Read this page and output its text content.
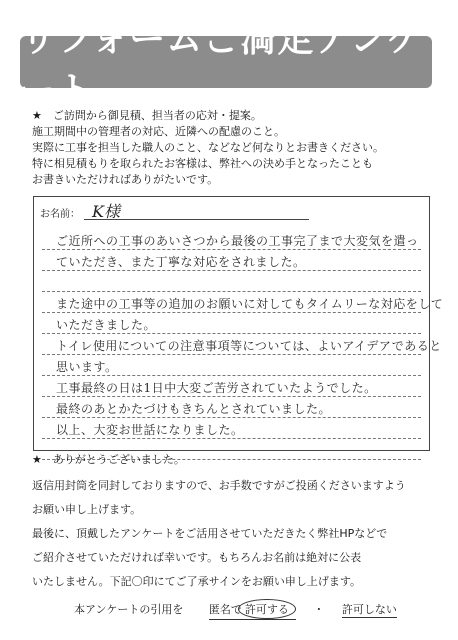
リフォームご満足アンケート
★　ご訪問から御見積、担当者の応対・提案。
施工期間中の管理者の対応、近隣への配慮のこと。
実際に工事を担当した職人のこと、などなど何なりとお書きください。
特に相見積もりを取られたお客様は、弊社への決め手となったことも
お書きいただければありがたいです。
お名前： K様
ご近所への工事のあいさつから最後の工事完了まで大変気を遣っ
ていただき、また丁寧な対応をされました。
また途中の工事等の追加のお願いに対してもタイムリーな対応をして
いただきました。
トイレ使用についての注意事項等については、よいアイデアであると
思います。
工事最終の日は1日中大変ご苦労されていたようでした。
最終のあとかたづけもきちんとされていました。
以上、大変お世話になりました。
★　ありがとうございました。
返信用封筒を同封しておりますので、お手数ですがご投函くださいますよう
お願い申し上げます。
最後に、頂戴したアンケートをご活用させていただきたく弊社HPなどで
ご紹介させていただければ幸いです。もちろんお名前は絶対に公表
いたしません。下記〇印にてご了承サインをお願い申し上げます。
本アンケートの引用を 匿名で 許可する ・ 許可しない
